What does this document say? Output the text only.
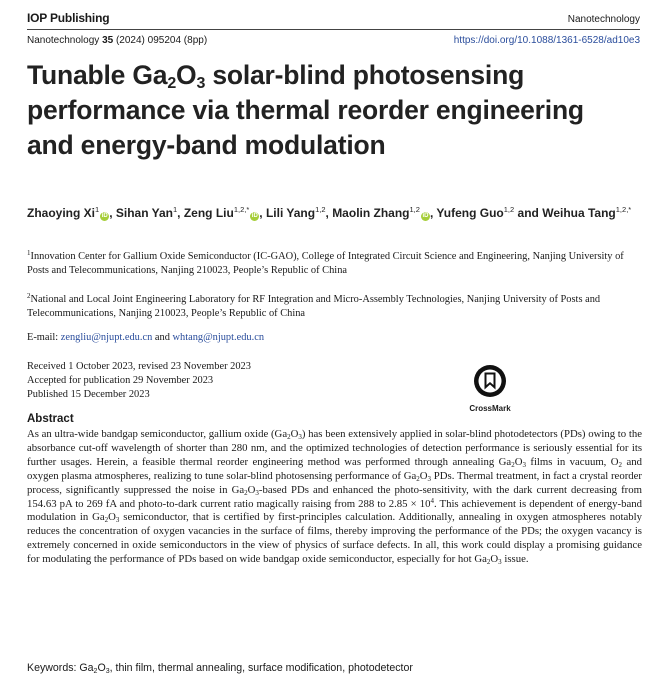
IOP Publishing	Nanotechnology
Nanotechnology 35 (2024) 095204 (8pp)	https://doi.org/10.1088/1361-6528/ad10e3
Tunable $Ga_2O_3$ solar-blind photosensing
performance via thermal reorder engineering
and energy-band modulation
Zhaoying Xi$^1$iD , Sihan Yan$^1$, Zeng Liu$^{1,2,*}$iD , Lili Yang$^{1,2}$, Maolin Zhang$^{1,2}$iD , Yufeng Guo$^{1,2}$ and Weihua Tang$^{1,2,*}$
$^1$Innovation Center for Gallium Oxide Semiconductor (IC-GAO), College of Integrated Circuit Science and Engineering, Nanjing University of Posts and Telecommunications, Nanjing 210023, People’s Republic of China
$^2$National and Local Joint Engineering Laboratory for RF Integration and Micro-Assembly Technologies, Nanjing University of Posts and Telecommunications, Nanjing 210023, People’s Republic of China
E-mail: zengliu@njupt.edu.cn and whtang@njupt.edu.cn
Received 1 October 2023, revised 23 November 2023
Accepted for publication 29 November 2023
Published 15 December 2023
CrossMark
Abstract
As an ultra-wide bandgap semiconductor, gallium oxide $(Ga_2O_3)$ has been extensively applied in solar-blind photodetectors (PDs) owing to the absorbance cut-off wavelength of shorter than 280 nm, and the optimized technologies of detection performance is seriously essential for its further usages. Herein, a feasible thermal reorder engineering method was performed through annealing $Ga_2O_3$ films in vacuum, $O_2$ and oxygen plasma atmospheres, realizing to tune solar-blind photosensing performance of $Ga_2O_3$ PDs. Thermal treatment, in fact a crystal reorder process, significantly suppressed the noise in $Ga_2O_3$-based PDs and enhanced the photo-sensitivity, with the dark current decreasing from 154.63 pA to 269 fA and photo-to-dark current ratio magically raising from 288 to $2.85 \times 10^4$. This achievement is dependent of energy-band modulation in $Ga_2O_3$ semiconductor, that is certified by first-principles calculation. Additionally, annealing in oxygen atmospheres notably reduces the concentration of oxygen vacancies in the surface of films, thereby improving the performance of the PDs; the oxygen vacancy is extremely concerned in oxide semiconductors in the view of physics of surface defects. In all, this work could display a promising guidance for modulating the performance of PDs based on wide bandgap oxide semiconductor, especially for hot $Ga_2O_3$ issue.
Keywords: $Ga_2O_3$, thin film, thermal annealing, surface modification, photodetector
